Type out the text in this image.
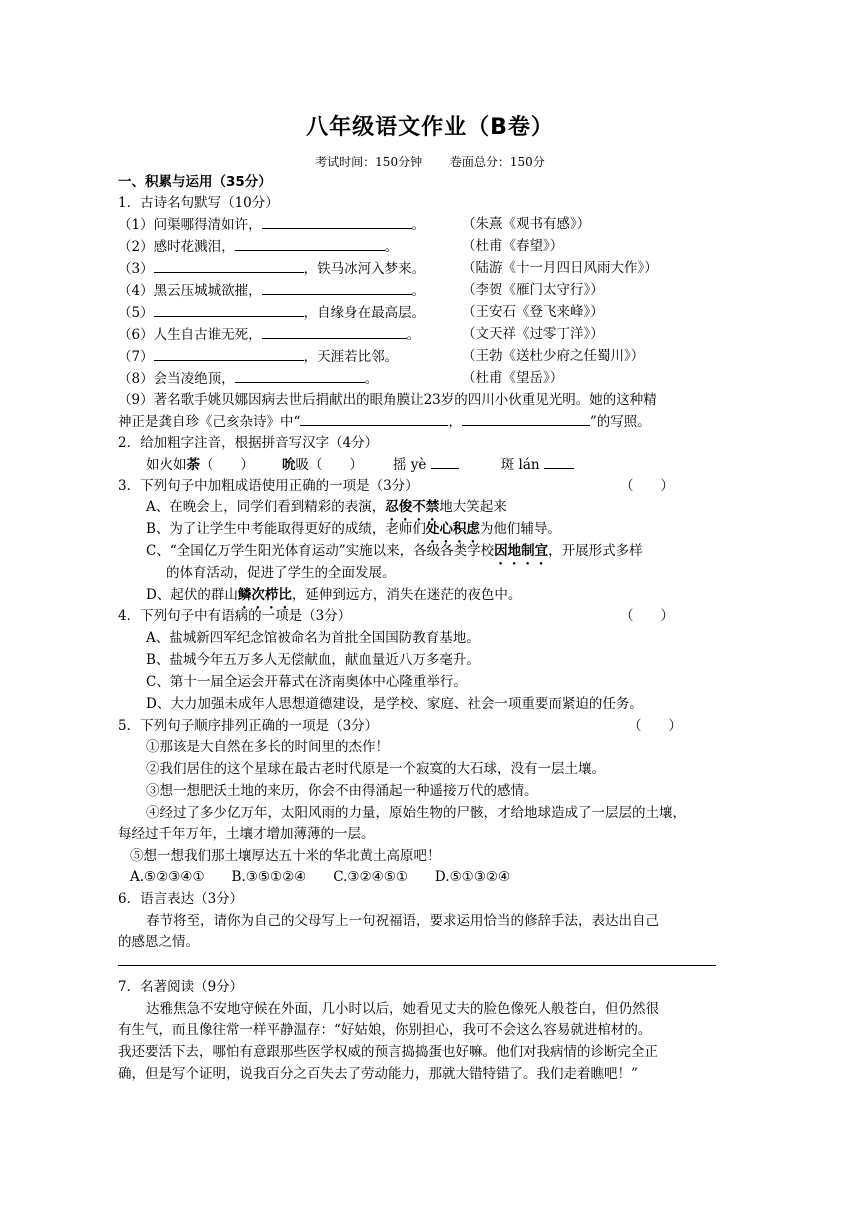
八年级语文作业（B卷）
考试时间：150分钟 卷面总分：150分
一、积累与运用（35分）
1．古诗名句默写（10分）
（1）问渠哪得清如许，	。	（朱熹《观书有感》）
（2）感时花溅泪，	。	（杜甫《春望》）
（3）	，铁马冰河入梦来。	（陆游《十一月四日风雨大作》）
（4）黑云压城城欲摧，	。	（李贺《雁门太守行》）
（5）	，自缘身在最高层。	（王安石《登飞来峰》）
（6）人生自古谁无死，	。	（文天祥《过零丁洋》）
（7）	，天涯若比邻。	（王勃《送杜少府之任蜀川》）
（8）会当凌绝顶，	。	（杜甫《望岳》）
（9）著名歌手姚贝娜因病去世后捐献出的眼角膜让23岁的四川小伙重见光明。她的这种精
神正是龚自珍《己亥杂诗》中“	，	”的写照。
2．给加粗字注音，根据拼音写汉字（4分）
如火如荼（　　） 吮吸（　　） 摇 yè	斑 lán
3．下列句子中加粗成语使用正确的一项是（3分）	（　　）
A、在晚会上，同学们看到精彩的表演，忍俊不禁地大笑起来
B、为了让学生中考能取得更好的成绩，老师们处心积虑为他们辅导。
C、“全国亿万学生阳光体育运动”实施以来，各级各类学校因地制宜，开展形式多样
的体育活动，促进了学生的全面发展。
D、起伏的群山鳞次栉比，延伸到远方，消失在迷茫的夜色中。
4．下列句子中有语病的一项是（3分）	（　　）
A、盐城新四军纪念馆被命名为首批全国国防教育基地。
B、盐城今年五万多人无偿献血，献血量近八万多毫升。
C、第十一届全运会开幕式在济南奥体中心隆重举行。
D、大力加强未成年人思想道德建设，是学校、家庭、社会一项重要而紧迫的任务。
5．下列句子顺序排列正确的一项是（3分）	（　　）
①那该是大自然在多长的时间里的杰作！
②我们居住的这个星球在最古老时代原是一个寂寞的大石球，没有一层土壤。
③想一想肥沃土地的来历，你会不由得涌起一种遥接万代的感情。
④经过了多少亿万年，太阳风雨的力量，原始生物的尸骸，才给地球造成了一层层的土壤，
每经过千年万年，土壤才增加薄薄的一层。
⑤想一想我们那土壤厚达五十米的华北黄土高原吧！
A.⑤②③④①　　B.③⑤①②④　　C.③②④⑤①　　D.⑤①③②④
6．语言表达（3分）
春节将至，请你为自己的父母写上一句祝福语，要求运用恰当的修辞手法，表达出自己
的感恩之情。
7．名著阅读（9分）
达雅焦急不安地守候在外面，几小时以后，她看见丈夫的脸色像死人般苍白，但仍然很
有生气，而且像往常一样平静温存：“好姑娘，你别担心，我可不会这么容易就进棺材的。
我还要活下去，哪怕有意跟那些医学权威的预言捣捣蛋也好嘛。他们对我病情的诊断完全正
确，但是写个证明，说我百分之百失去了劳动能力，那就大错特错了。我们走着瞧吧！”
